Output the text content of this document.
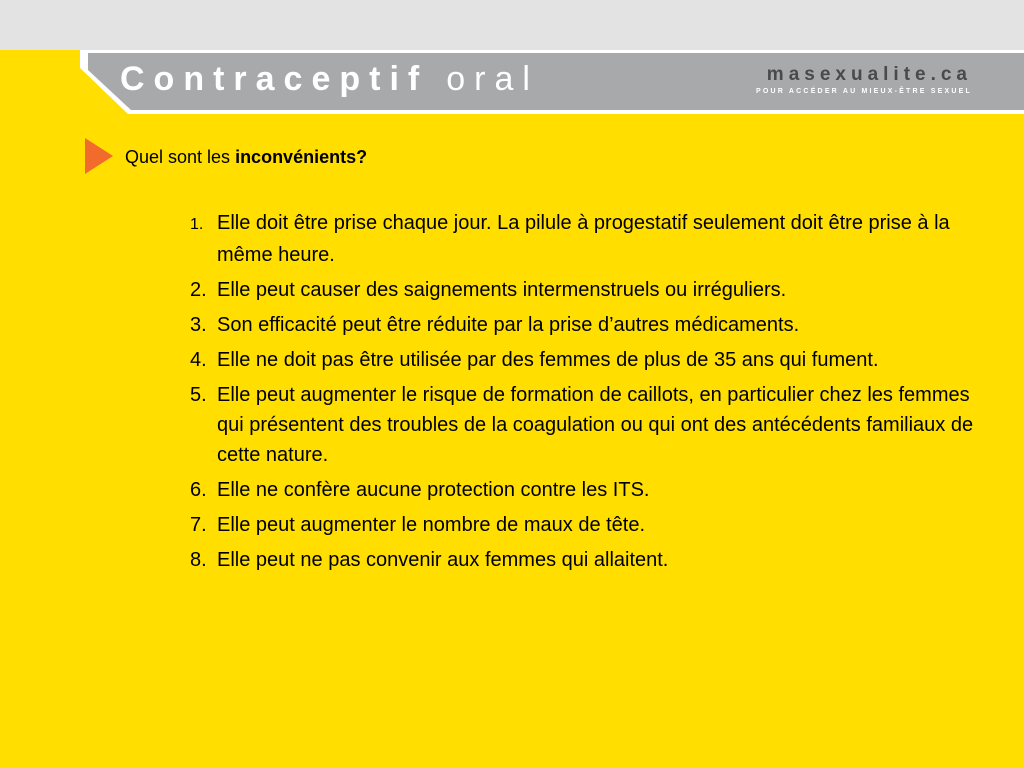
Contraceptif oral	masexualite.ca
POUR ACCÉDER AU MIEUX-ÊTRE SEXUEL
Quel sont les inconvénients?
1. Elle doit être prise chaque jour. La pilule à progestatif seulement doit être prise à la même heure.
2. Elle peut causer des saignements intermenstruels ou irréguliers.
3. Son efficacité peut être réduite par la prise d’autres médicaments.
4. Elle ne doit pas être utilisée par des femmes de plus de 35 ans qui fument.
5. Elle peut augmenter le risque de formation de caillots, en particulier chez les femmes qui présentent des troubles de la coagulation ou qui ont des antécédents familiaux de cette nature.
6. Elle ne confère aucune protection contre les ITS.
7. Elle peut augmenter le nombre de maux de tête.
8. Elle peut ne pas convenir aux femmes qui allaitent.
